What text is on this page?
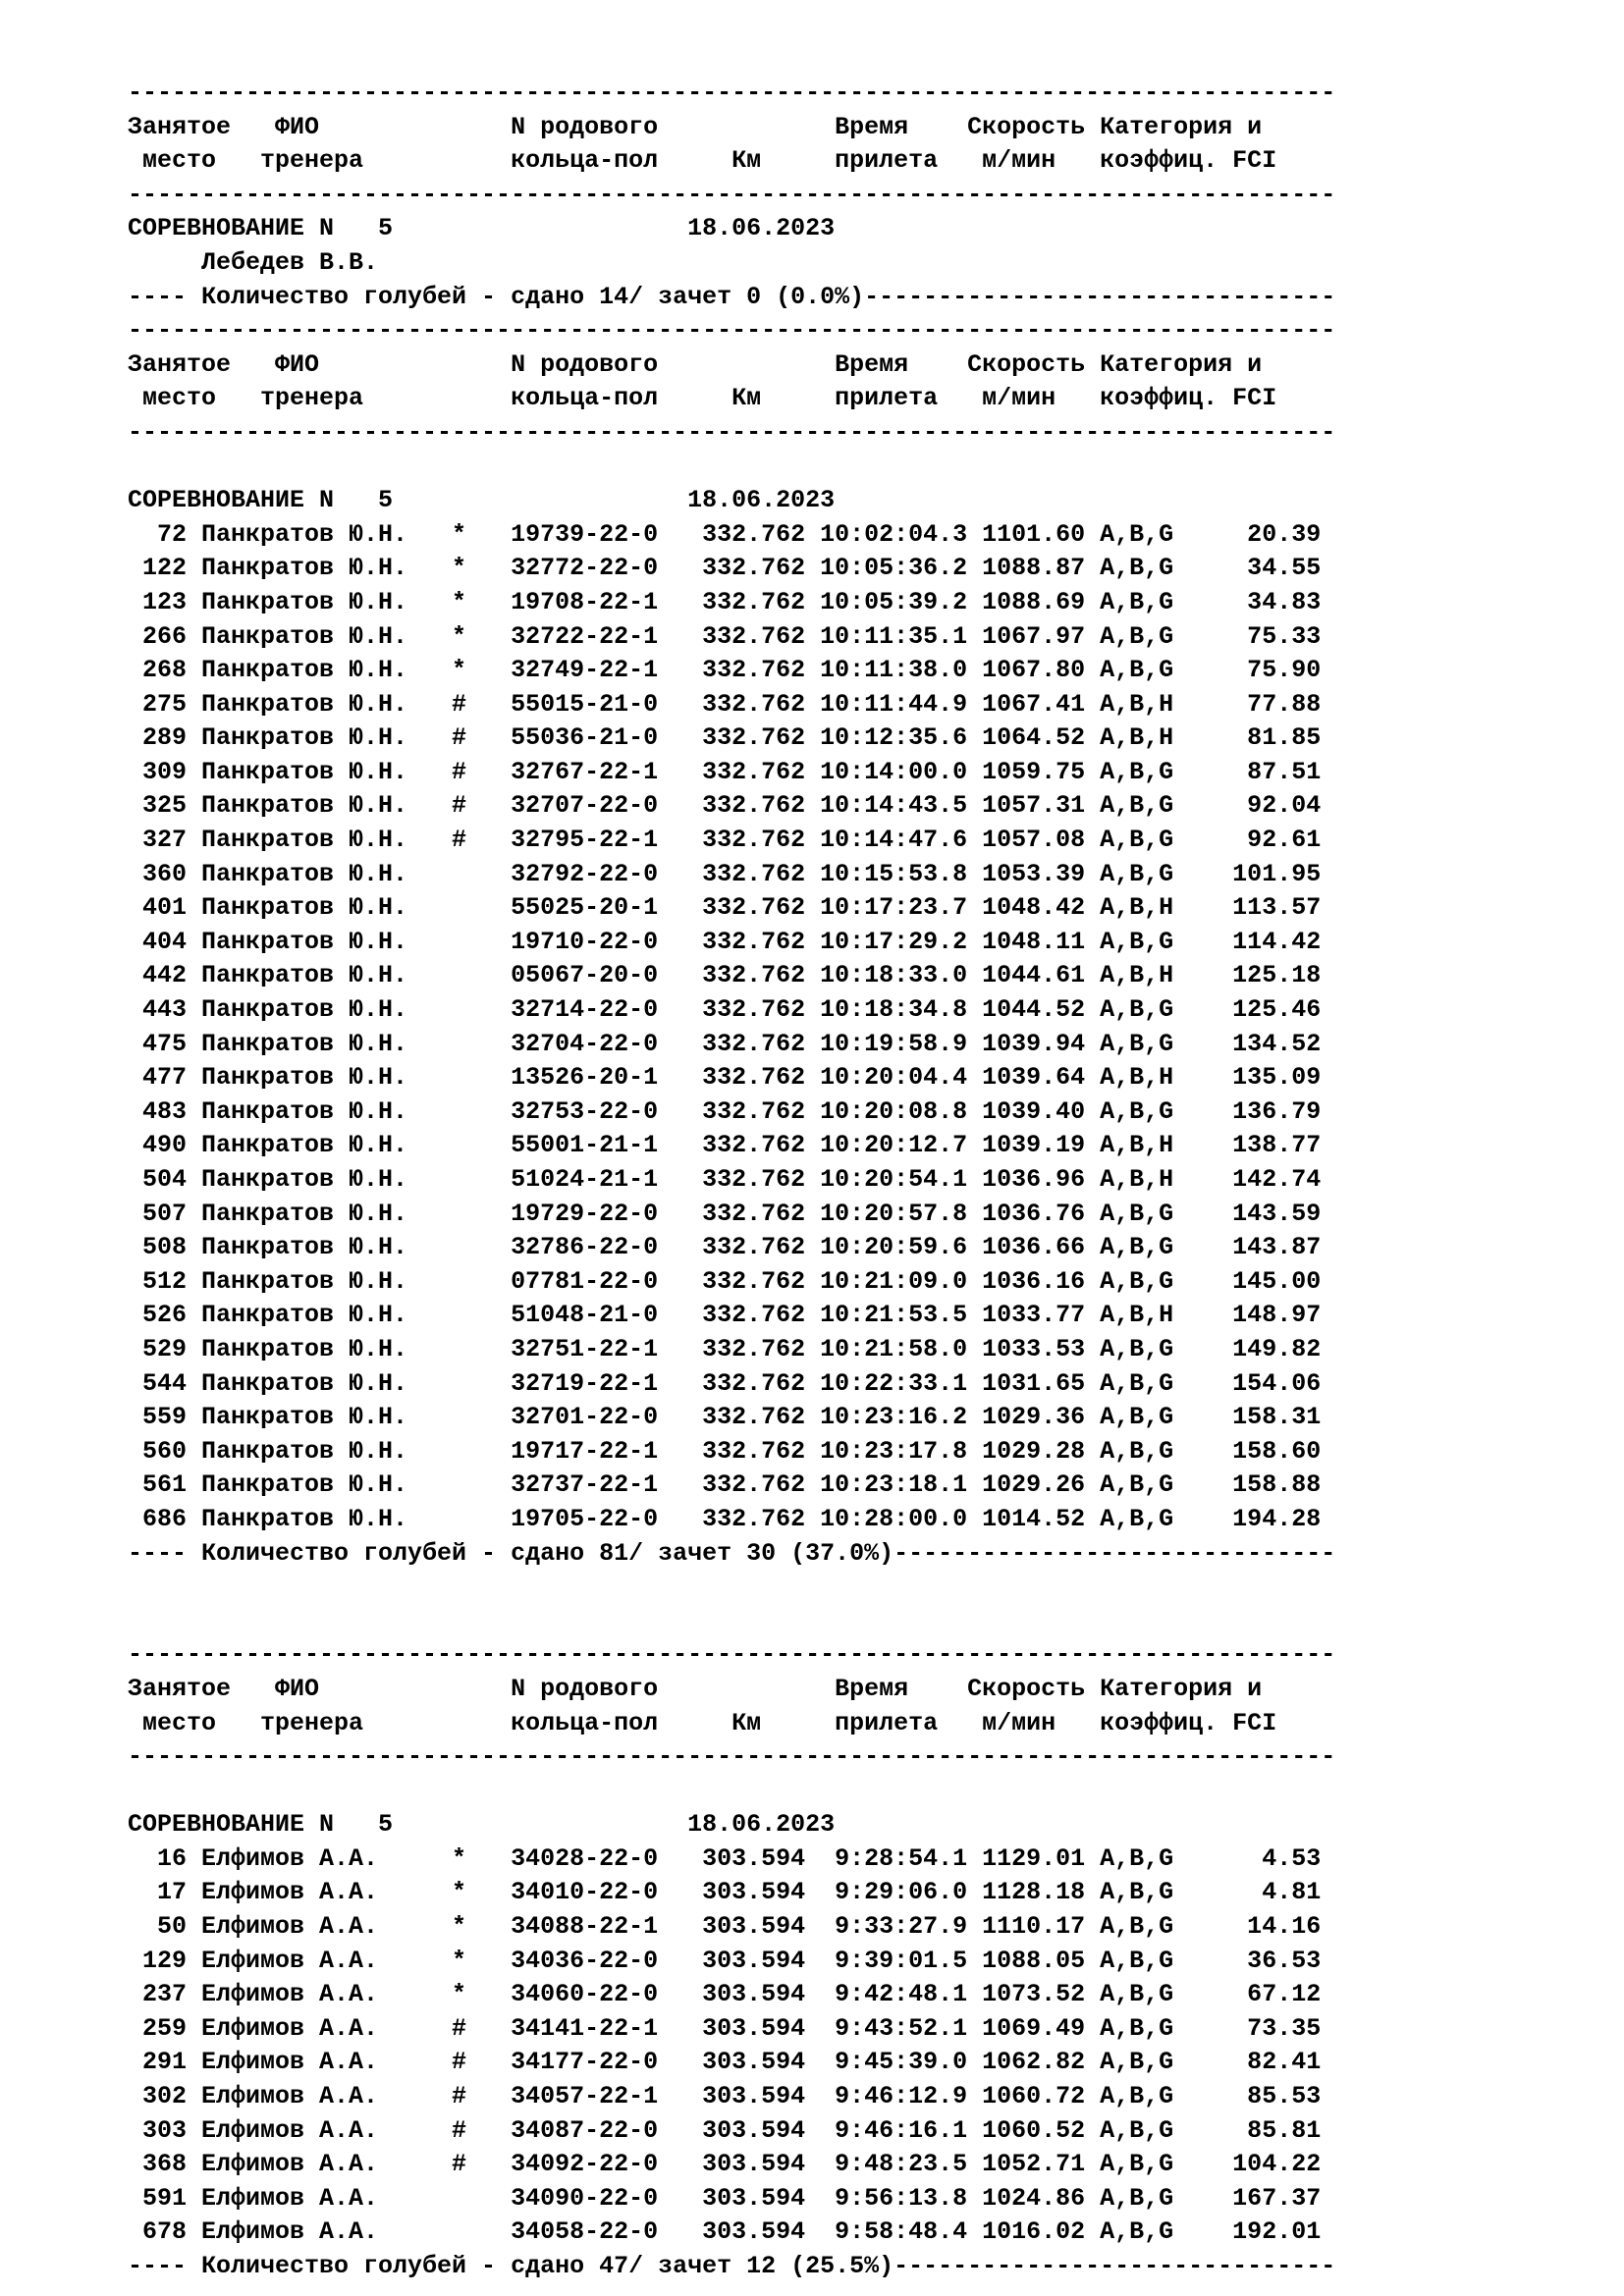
----------------------------------------------------------------------------------
Занятое   ФИО             N родового            Время    Скорость Категория и
место   тренера          кольца-пол     Км     прилета   м/мин   коэффиц. FCI
----------------------------------------------------------------------------------
СОРЕВНОВАНИЕ N   5                    18.06.2023
Лебедев В.В.
---- Количество голубей - сдано 14/ зачет 0 (0.0%)--------------------------------
----------------------------------------------------------------------------------
Занятое   ФИО             N родового            Время    Скорость Категория и
место   тренера          кольца-пол     Км     прилета   м/мин   коэффиц. FCI
----------------------------------------------------------------------------------
СОРЕВНОВАНИЕ N   5                    18.06.2023
72 Панкратов Ю.Н.   *   19739-22-0   332.762 10:02:04.3 1101.60 A,B,G     20.39
122 Панкратов Ю.Н.   *   32772-22-0   332.762 10:05:36.2 1088.87 A,B,G     34.55
123 Панкратов Ю.Н.   *   19708-22-1   332.762 10:05:39.2 1088.69 A,B,G     34.83
266 Панкратов Ю.Н.   *   32722-22-1   332.762 10:11:35.1 1067.97 A,B,G     75.33
268 Панкратов Ю.Н.   *   32749-22-1   332.762 10:11:38.0 1067.80 A,B,G     75.90
275 Панкратов Ю.Н.   #   55015-21-0   332.762 10:11:44.9 1067.41 A,B,H     77.88
289 Панкратов Ю.Н.   #   55036-21-0   332.762 10:12:35.6 1064.52 A,B,H     81.85
309 Панкратов Ю.Н.   #   32767-22-1   332.762 10:14:00.0 1059.75 A,B,G     87.51
325 Панкратов Ю.Н.   #   32707-22-0   332.762 10:14:43.5 1057.31 A,B,G     92.04
327 Панкратов Ю.Н.   #   32795-22-1   332.762 10:14:47.6 1057.08 A,B,G     92.61
360 Панкратов Ю.Н.       32792-22-0   332.762 10:15:53.8 1053.39 A,B,G    101.95
401 Панкратов Ю.Н.       55025-20-1   332.762 10:17:23.7 1048.42 A,B,H    113.57
404 Панкратов Ю.Н.       19710-22-0   332.762 10:17:29.2 1048.11 A,B,G    114.42
442 Панкратов Ю.Н.       05067-20-0   332.762 10:18:33.0 1044.61 A,B,H    125.18
443 Панкратов Ю.Н.       32714-22-0   332.762 10:18:34.8 1044.52 A,B,G    125.46
475 Панкратов Ю.Н.       32704-22-0   332.762 10:19:58.9 1039.94 A,B,G    134.52
477 Панкратов Ю.Н.       13526-20-1   332.762 10:20:04.4 1039.64 A,B,H    135.09
483 Панкратов Ю.Н.       32753-22-0   332.762 10:20:08.8 1039.40 A,B,G    136.79
490 Панкратов Ю.Н.       55001-21-1   332.762 10:20:12.7 1039.19 A,B,H    138.77
504 Панкратов Ю.Н.       51024-21-1   332.762 10:20:54.1 1036.96 A,B,H    142.74
507 Панкратов Ю.Н.       19729-22-0   332.762 10:20:57.8 1036.76 A,B,G    143.59
508 Панкратов Ю.Н.       32786-22-0   332.762 10:20:59.6 1036.66 A,B,G    143.87
512 Панкратов Ю.Н.       07781-22-0   332.762 10:21:09.0 1036.16 A,B,G    145.00
526 Панкратов Ю.Н.       51048-21-0   332.762 10:21:53.5 1033.77 A,B,H    148.97
529 Панкратов Ю.Н.       32751-22-1   332.762 10:21:58.0 1033.53 A,B,G    149.82
544 Панкратов Ю.Н.       32719-22-1   332.762 10:22:33.1 1031.65 A,B,G    154.06
559 Панкратов Ю.Н.       32701-22-0   332.762 10:23:16.2 1029.36 A,B,G    158.31
560 Панкратов Ю.Н.       19717-22-1   332.762 10:23:17.8 1029.28 A,B,G    158.60
561 Панкратов Ю.Н.       32737-22-1   332.762 10:23:18.1 1029.26 A,B,G    158.88
686 Панкратов Ю.Н.       19705-22-0   332.762 10:28:00.0 1014.52 A,B,G    194.28
---- Количество голубей - сдано 81/ зачет 30 (37.0%)------------------------------
----------------------------------------------------------------------------------
Занятое   ФИО             N родового            Время    Скорость Категория и
место   тренера          кольца-пол     Км     прилета   м/мин   коэффиц. FCI
----------------------------------------------------------------------------------
СОРЕВНОВАНИЕ N   5                    18.06.2023
16 Елфимов А.А.     *   34028-22-0   303.594  9:28:54.1 1129.01 A,B,G      4.53
17 Елфимов А.А.     *   34010-22-0   303.594  9:29:06.0 1128.18 A,B,G      4.81
50 Елфимов А.А.     *   34088-22-1   303.594  9:33:27.9 1110.17 A,B,G     14.16
129 Елфимов А.А.     *   34036-22-0   303.594  9:39:01.5 1088.05 A,B,G     36.53
237 Елфимов А.А.     *   34060-22-0   303.594  9:42:48.1 1073.52 A,B,G     67.12
259 Елфимов А.А.     #   34141-22-1   303.594  9:43:52.1 1069.49 A,B,G     73.35
291 Елфимов А.А.     #   34177-22-0   303.594  9:45:39.0 1062.82 A,B,G     82.41
302 Елфимов А.А.     #   34057-22-1   303.594  9:46:12.9 1060.72 A,B,G     85.53
303 Елфимов А.А.     #   34087-22-0   303.594  9:46:16.1 1060.52 A,B,G     85.81
368 Елфимов А.А.     #   34092-22-0   303.594  9:48:23.5 1052.71 A,B,G    104.22
591 Елфимов А.А.         34090-22-0   303.594  9:56:13.8 1024.86 A,B,G    167.37
678 Елфимов А.А.         34058-22-0   303.594  9:58:48.4 1016.02 A,B,G    192.01
---- Количество голубей - сдано 47/ зачет 12 (25.5%)------------------------------
